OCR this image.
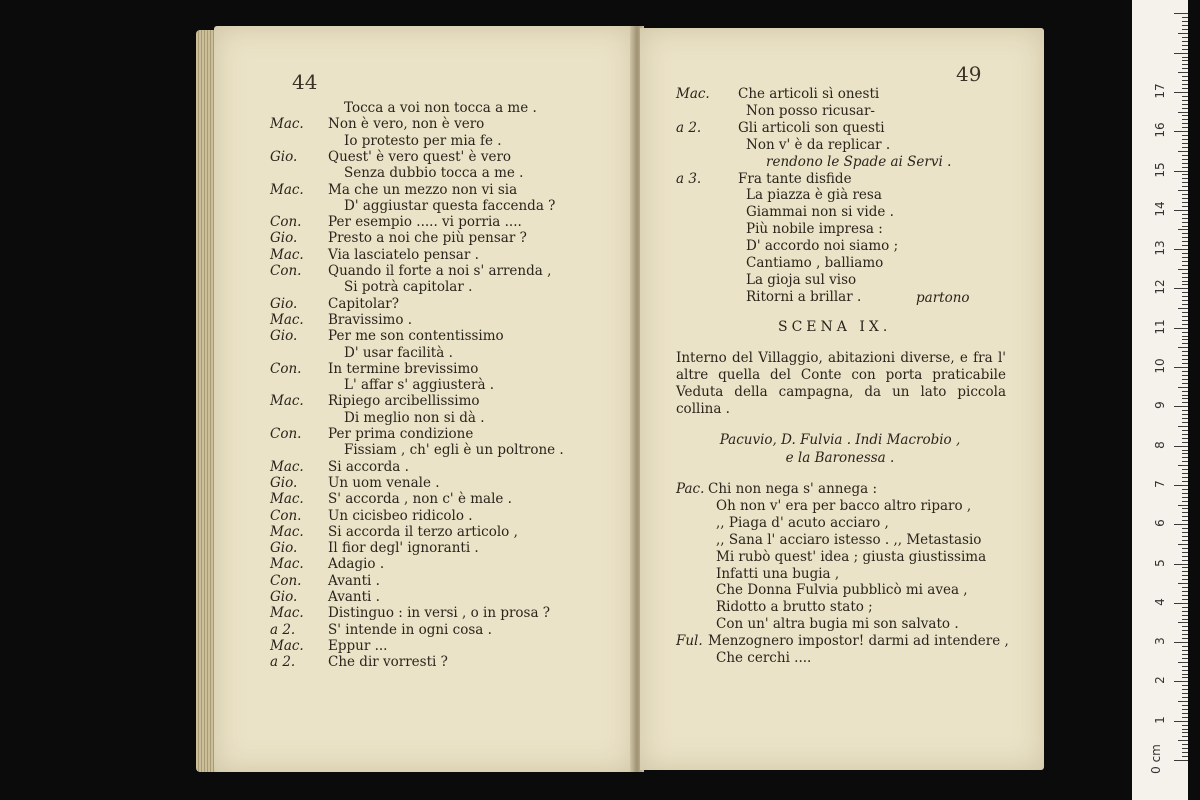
44	49
Tocca a voi non tocca a me .
Mac. Non è vero, non è vero
Io protesto per mia fe .
Gio. Quest' è vero quest' è vero
Senza dubbio tocca a me .
Mac. Ma che un mezzo non vi sia
D' aggiustar questa faccenda ?
Con. Per esempio ..... vi porria ....
Gio. Presto a noi che più pensar ?
Mac. Via lasciatelo pensar .
Con. Quando il forte a noi s' arrenda ,
Si potrà capitolar .
Gio. Capitolar?
Mac. Bravissimo .
Gio. Per me son contentissimo
D' usar facilità .
Con. In termine brevissimo
L' affar s' aggiusterà .
Mac. Ripiego arcibellissimo
Di meglio non si dà .
Con. Per prima condizione
Fissiam , ch' egli è un poltrone .
Mac. Si accorda .
Gio. Un uom venale .
Mac. S' accorda , non c' è male .
Con. Un cicisbeo ridicolo .
Mac. Si accorda il terzo articolo ,
Gio. Il fior degl' ignoranti .
Mac. Adagio .
Con. Avanti .
Gio. Avanti .
Mac. Distinguo : in versi , o in prosa ?
a 2. S' intende in ogni cosa .
Mac. Eppur ...
a 2. Che dir vorresti ?
Mac. Che articoli sì onesti
Non posso ricusar-
a 2.	Gli articoli son questi
Non v' è da replicar .
rendono le Spade ai Servi .
a 3.	Fra tante disfide
La piazza è già resa
Giammai non si vide .
Più nobile impresa :
D' accordo noi siamo ;
Cantiamo , balliamo
La gioja sul viso
Ritorni a brillar .	partono
SCENA IX.
Interno del Villaggio, abitazioni diverse, e fra l' altre quella del Conte con porta praticabile Veduta della campagna, da un lato piccola collina .
Pacuvio, D. Fulvia . Indi Macrobio ,
e la Baronessa .
Pac. Chi non nega s' annega :
Oh non v' era per bacco altro riparo ,
,, Piaga d' acuto acciaro ,
,, Sana l' acciaro istesso . ,, Metastasio
Mi rubò quest' idea ; giusta giustissima
Infatti una bugia ,
Che Donna Fulvia pubblicò mi avea ,
Ridotto a brutto stato ;
Con un' altra bugia mi son salvato .
Ful. Menzognero impostor! darmi ad intendere ,
Che cerchi ....
0 cm
1
2
3
4
5
6
7
8
9
10
11
12
13
14
15
16
17
